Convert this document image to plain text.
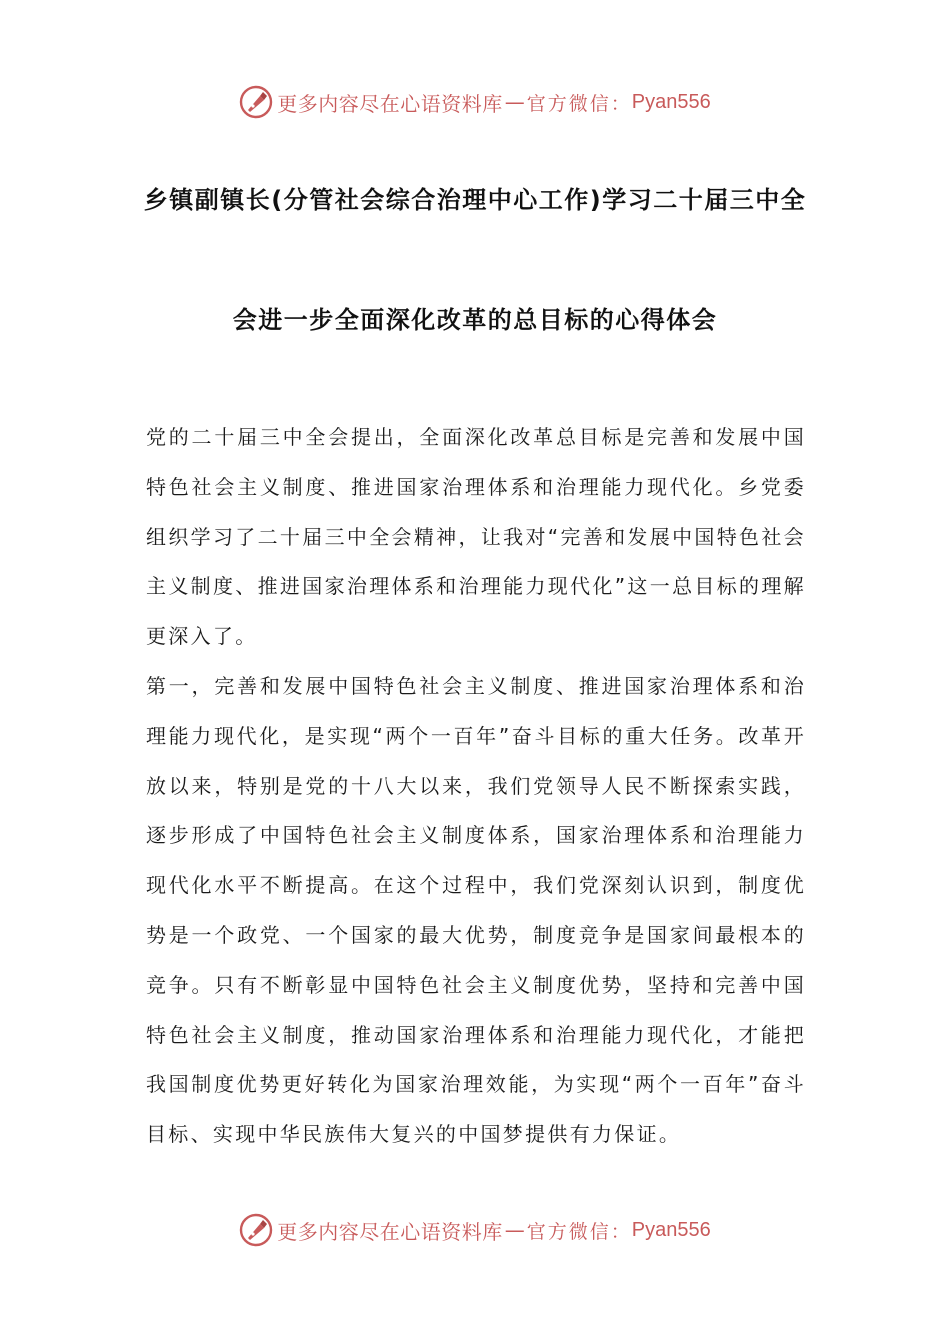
更多内容尽在心语资料库 — 官方微信： Pyan556
乡镇副镇长(分管社会综合治理中心工作)学习二十届三中全
会进一步全面深化改革的总目标的心得体会

党的二十届三中全会提出，全面深化改革总目标是完善和发展中国特色社会主义制度、推进国家治理体系和治理能力现代化。乡党委组织学习了二十届三中全会精神，让我对“完善和发展中国特色社会主义制度、推进国家治理体系和治理能力现代化”这一总目标的理解更深入了。

第一，完善和发展中国特色社会主义制度、推进国家治理体系和治理能力现代化，是实现“两个一百年”奋斗目标的重大任务。改革开放以来，特别是党的十八大以来，我们党领导人民不断探索实践，逐步形成了中国特色社会主义制度体系，国家治理体系和治理能力现代化水平不断提高。在这个过程中，我们党深刻认识到，制度优势是一个政党、一个国家的最大优势，制度竞争是国家间最根本的竞争。只有不断彰显中国特色社会主义制度优势，坚持和完善中国特色社会主义制度，推动国家治理体系和治理能力现代化，才能把我国制度优势更好转化为国家治理效能，为实现“两个一百年”奋斗目标、实现中华民族伟大复兴的中国梦提供有力保证。

更多内容尽在心语资料库 — 官方微信： Pyan556
